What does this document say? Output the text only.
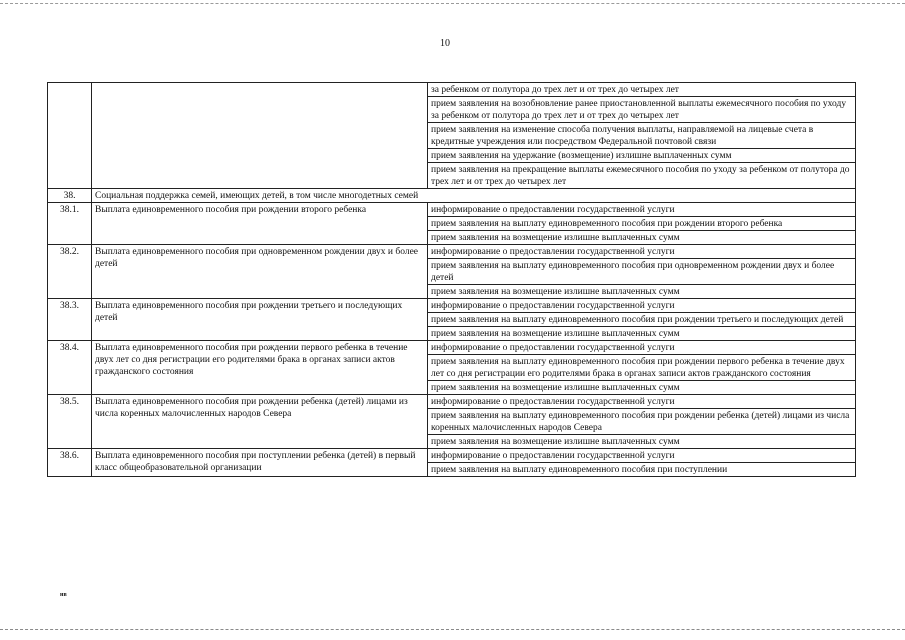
10
		за ребенком от полутора до трех лет и от трех до четырех лет
		прием заявления на возобновление ранее приостановленной выплаты ежемесячного пособия по уходу за ребенком от полутора до трех лет и от трех до четырех лет
		прием заявления на изменение способа получения выплаты, направляемой на лицевые счета в кредитные учреждения или посредством Федеральной почтовой связи
		прием заявления на удержание (возмещение) излишне выплаченных сумм
		прием заявления на прекращение выплаты ежемесячного пособия по уходу за ребенком от полутора до трех лет и от трех до четырех лет
38.	Социальная поддержка семей, имеющих детей, в том числе многодетных семей	
38.1.	Выплата единовременного пособия при рождении второго ребенка	информирование о предоставлении государственной услуги
		прием заявления на выплату единовременного пособия при рождении второго ребенка
		прием заявления на возмещение излишне выплаченных сумм
38.2.	Выплата единовременного пособия при одновременном рождении двух и более детей	информирование о предоставлении государственной услуги
		прием заявления на выплату единовременного пособия при одновременном рождении двух и более детей
		прием заявления на возмещение излишне выплаченных сумм
38.3.	Выплата единовременного пособия при рождении третьего и последующих детей	информирование о предоставлении государственной услуги
		прием заявления на выплату единовременного пособия при рождении третьего и последующих детей
		прием заявления на возмещение излишне выплаченных сумм
38.4.	Выплата единовременного пособия при рождении первого ребенка в течение двух лет со дня регистрации его родителями брака в органах записи актов гражданского состояния	информирование о предоставлении государственной услуги
		прием заявления на выплату единовременного пособия при рождении первого ребенка в течение двух лет со дня регистрации его родителями брака в органах записи актов гражданского состояния
		прием заявления на возмещение излишне выплаченных сумм
38.5.	Выплата единовременного пособия при рождении ребенка (детей) лицами из числа коренных малочисленных народов Севера	информирование о предоставлении государственной услуги
		прием заявления на выплату единовременного пособия при рождении ребенка (детей) лицами из числа коренных малочисленных народов Севера
		прием заявления на возмещение излишне выплаченных сумм
38.6.	Выплата единовременного пособия при поступлении ребенка (детей) в первый класс общеобразовательной организации	информирование о предоставлении государственной услуги
		прием заявления на выплату единовременного пособия при поступлении
нв
